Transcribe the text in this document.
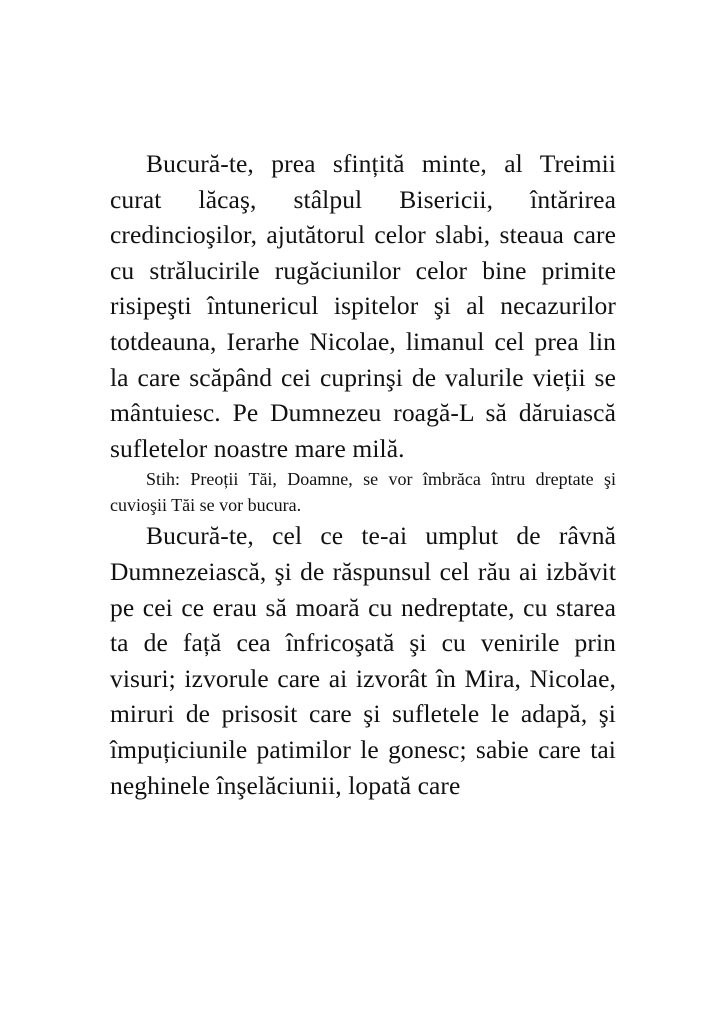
Bucură-te, prea sfințită minte, al Treimii curat lăcaş, stâlpul Bisericii, întărirea credincioşilor, ajutătorul celor slabi, steaua care cu strălucirile rugăciunilor celor bine primite risipeşti întunericul ispitelor şi al necazurilor totdeauna, Ierarhe Nicolae, limanul cel prea lin la care scăpând cei cuprinşi de valurile vieții se mântuiesc. Pe Dumnezeu roagă-L să dăruiască sufletelor noastre mare milă.

Stih: Preoții Tăi, Doamne, se vor îmbrăca întru dreptate şi cuvioşii Tăi se vor bucura.

Bucură-te, cel ce te-ai umplut de râvnă Dumnezeiască, şi de răspunsul cel rău ai izbăvit pe cei ce erau să moară cu nedreptate, cu starea ta de față cea înfricoşată şi cu venirile prin visuri; izvorule care ai izvorât în Mira, Nicolae, miruri de prisosit care şi sufletele le adapă, şi împuțiciunile patimilor le gonesc; sabie care tai neghinele înşelăciunii, lopată care
